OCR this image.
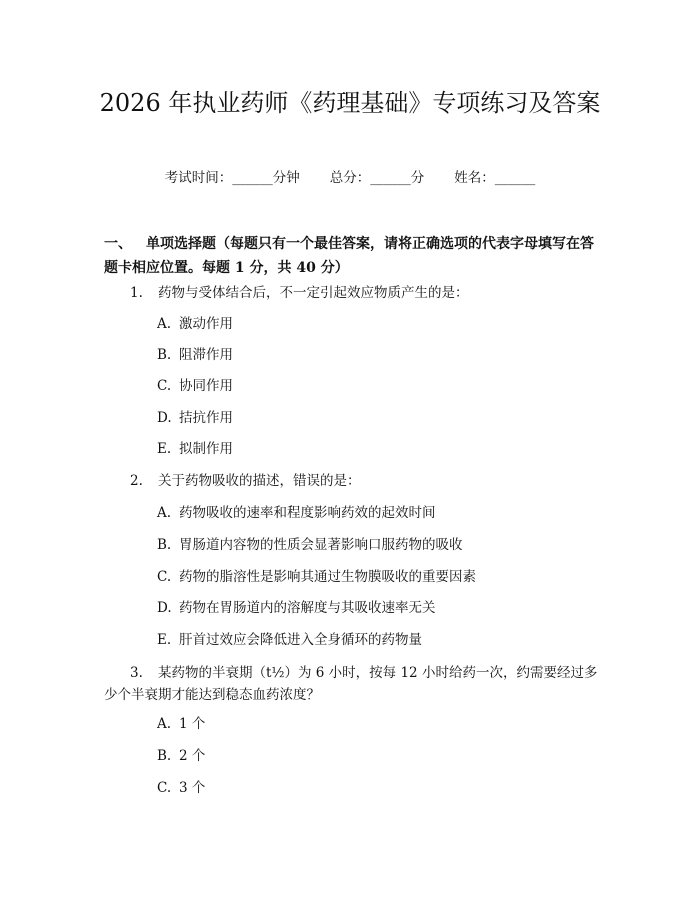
2026 年执业药师《药理基础》专项练习及答案
考试时间：______分钟 总分：______分 姓名：______
一、 单项选择题（每题只有一个最佳答案，请将正确选项的代表字母填写在答题卡相应位置。每题 1 分，共 40 分）
1. 药物与受体结合后，不一定引起效应物质产生的是：
A. 激动作用
B. 阻滞作用
C. 协同作用
D. 拮抗作用
E. 拟制作用
2. 关于药物吸收的描述，错误的是：
A. 药物吸收的速率和程度影响药效的起效时间
B. 胃肠道内容物的性质会显著影响口服药物的吸收
C. 药物的脂溶性是影响其通过生物膜吸收的重要因素
D. 药物在胃肠道内的溶解度与其吸收速率无关
E. 肝首过效应会降低进入全身循环的药物量
3. 某药物的半衰期（t½）为 6 小时，按每 12 小时给药一次，约需要经过多少个半衰期才能达到稳态血药浓度？
A. 1 个
B. 2 个
C. 3 个
